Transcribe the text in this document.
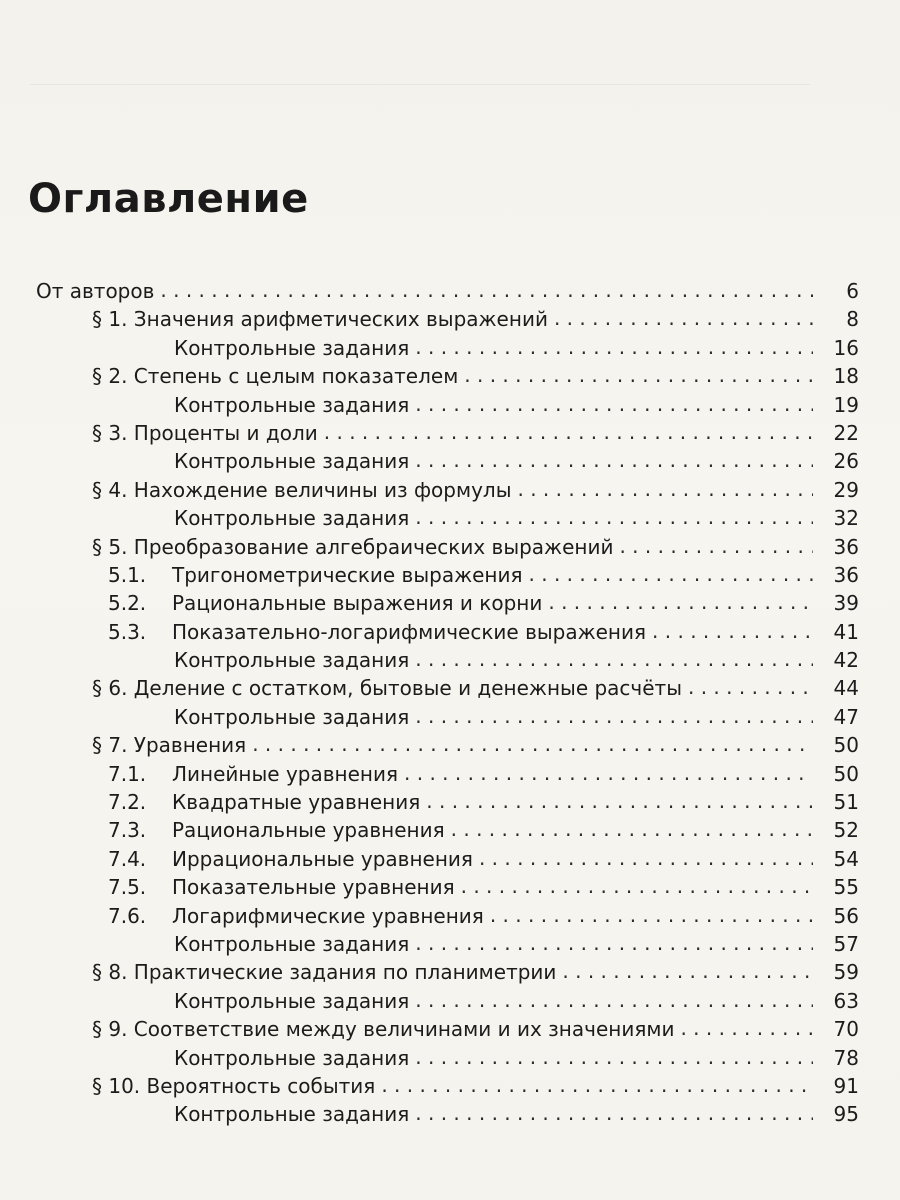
Оглавление
От авторов . . .	6
§ 1. Значения арифметических выражений . . .	8
Контрольные задания . . .	16
§ 2. Степень с целым показателем . . .	18
Контрольные задания . . .	19
§ 3. Проценты и доли . . .	22
Контрольные задания . . .	26
§ 4. Нахождение величины из формулы . . .	29
Контрольные задания . . .	32
§ 5. Преобразование алгебраических выражений . . .	36
5.1.	Тригонометрические выражения . . .	36
5.2.	Рациональные выражения и корни . . .	39
5.3.	Показательно-логарифмические выражения . . .	41
Контрольные задания . . .	42
§ 6. Деление с остатком, бытовые и денежные расчёты . . .	44
Контрольные задания . . .	47
§ 7. Уравнения . . .	50
7.1.	Линейные уравнения . . .	50
7.2.	Квадратные уравнения . . .	51
7.3.	Рациональные уравнения . . .	52
7.4.	Иррациональные уравнения . . .	54
7.5.	Показательные уравнения . . .	55
7.6.	Логарифмические уравнения . . .	56
Контрольные задания . . .	57
§ 8. Практические задания по планиметрии . . .	59
Контрольные задания . . .	63
§ 9. Соответствие между величинами и их значениями . . .	70
Контрольные задания . . .	78
§ 10. Вероятность события . . .	91
Контрольные задания . . .	95
